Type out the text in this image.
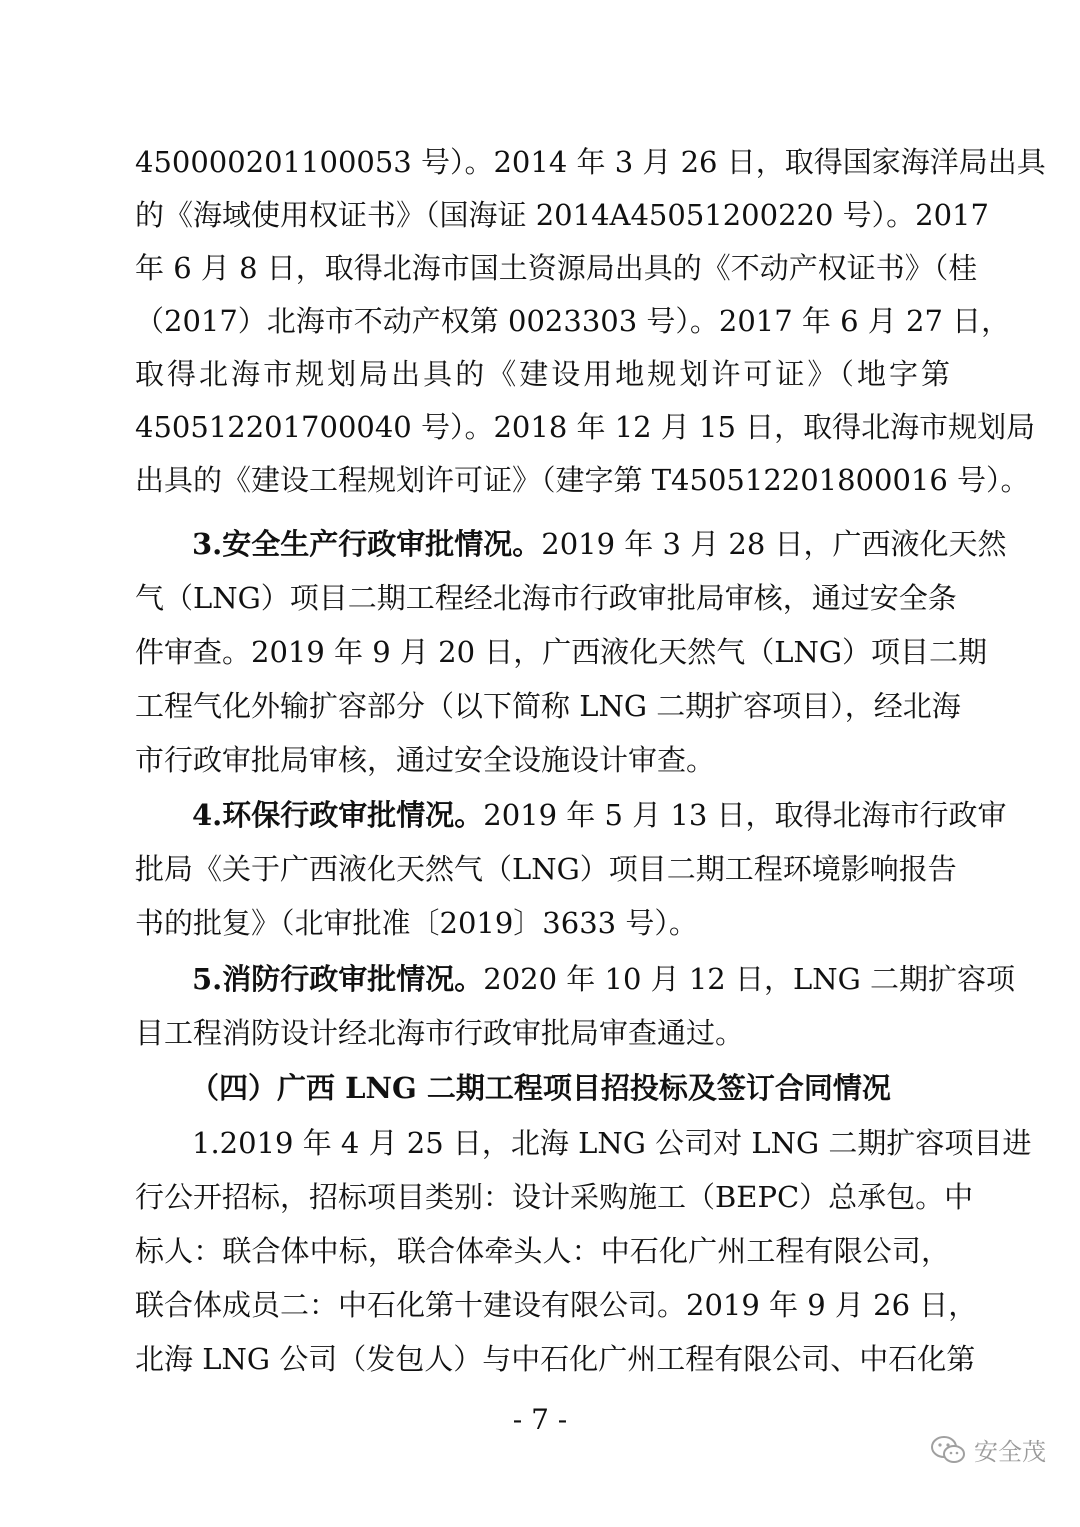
450000201100053 号）。2014 年 3 月 26 日，取得国家海洋局出具
的《海域使用权证书》（国海证 2014A45051200220 号）。2017
年 6 月 8 日，取得北海市国土资源局出具的《不动产权证书》（桂
（2017）北海市不动产权第 0023303 号）。2017 年 6 月 27 日，
取得北海市规划局出具的《建设用地规划许可证》（地字第
450512201700040 号）。2018 年 12 月 15 日，取得北海市规划局
出具的《建设工程规划许可证》（建字第 T450512201800016 号）。
3.安全生产行政审批情况。2019 年 3 月 28 日，广西液化天然
气（LNG）项目二期工程经北海市行政审批局审核，通过安全条
件审查。2019 年 9 月 20 日，广西液化天然气（LNG）项目二期
工程气化外输扩容部分（以下简称 LNG 二期扩容项目），经北海
市行政审批局审核，通过安全设施设计审查。
4.环保行政审批情况。2019 年 5 月 13 日，取得北海市行政审
批局《关于广西液化天然气（LNG）项目二期工程环境影响报告
书的批复》（北审批准〔2019〕3633 号）。
5.消防行政审批情况。2020 年 10 月 12 日，LNG 二期扩容项
目工程消防设计经北海市行政审批局审查通过。
（四）广西 LNG 二期工程项目招投标及签订合同情况
1.2019 年 4 月 25 日，北海 LNG 公司对 LNG 二期扩容项目进
行公开招标，招标项目类别：设计采购施工（BEPC）总承包。中
标人：联合体中标，联合体牵头人：中石化广州工程有限公司，
联合体成员二：中石化第十建设有限公司。2019 年 9 月 26 日，
北海 LNG 公司（发包人）与中石化广州工程有限公司、中石化第
- 7 -
安全茂
